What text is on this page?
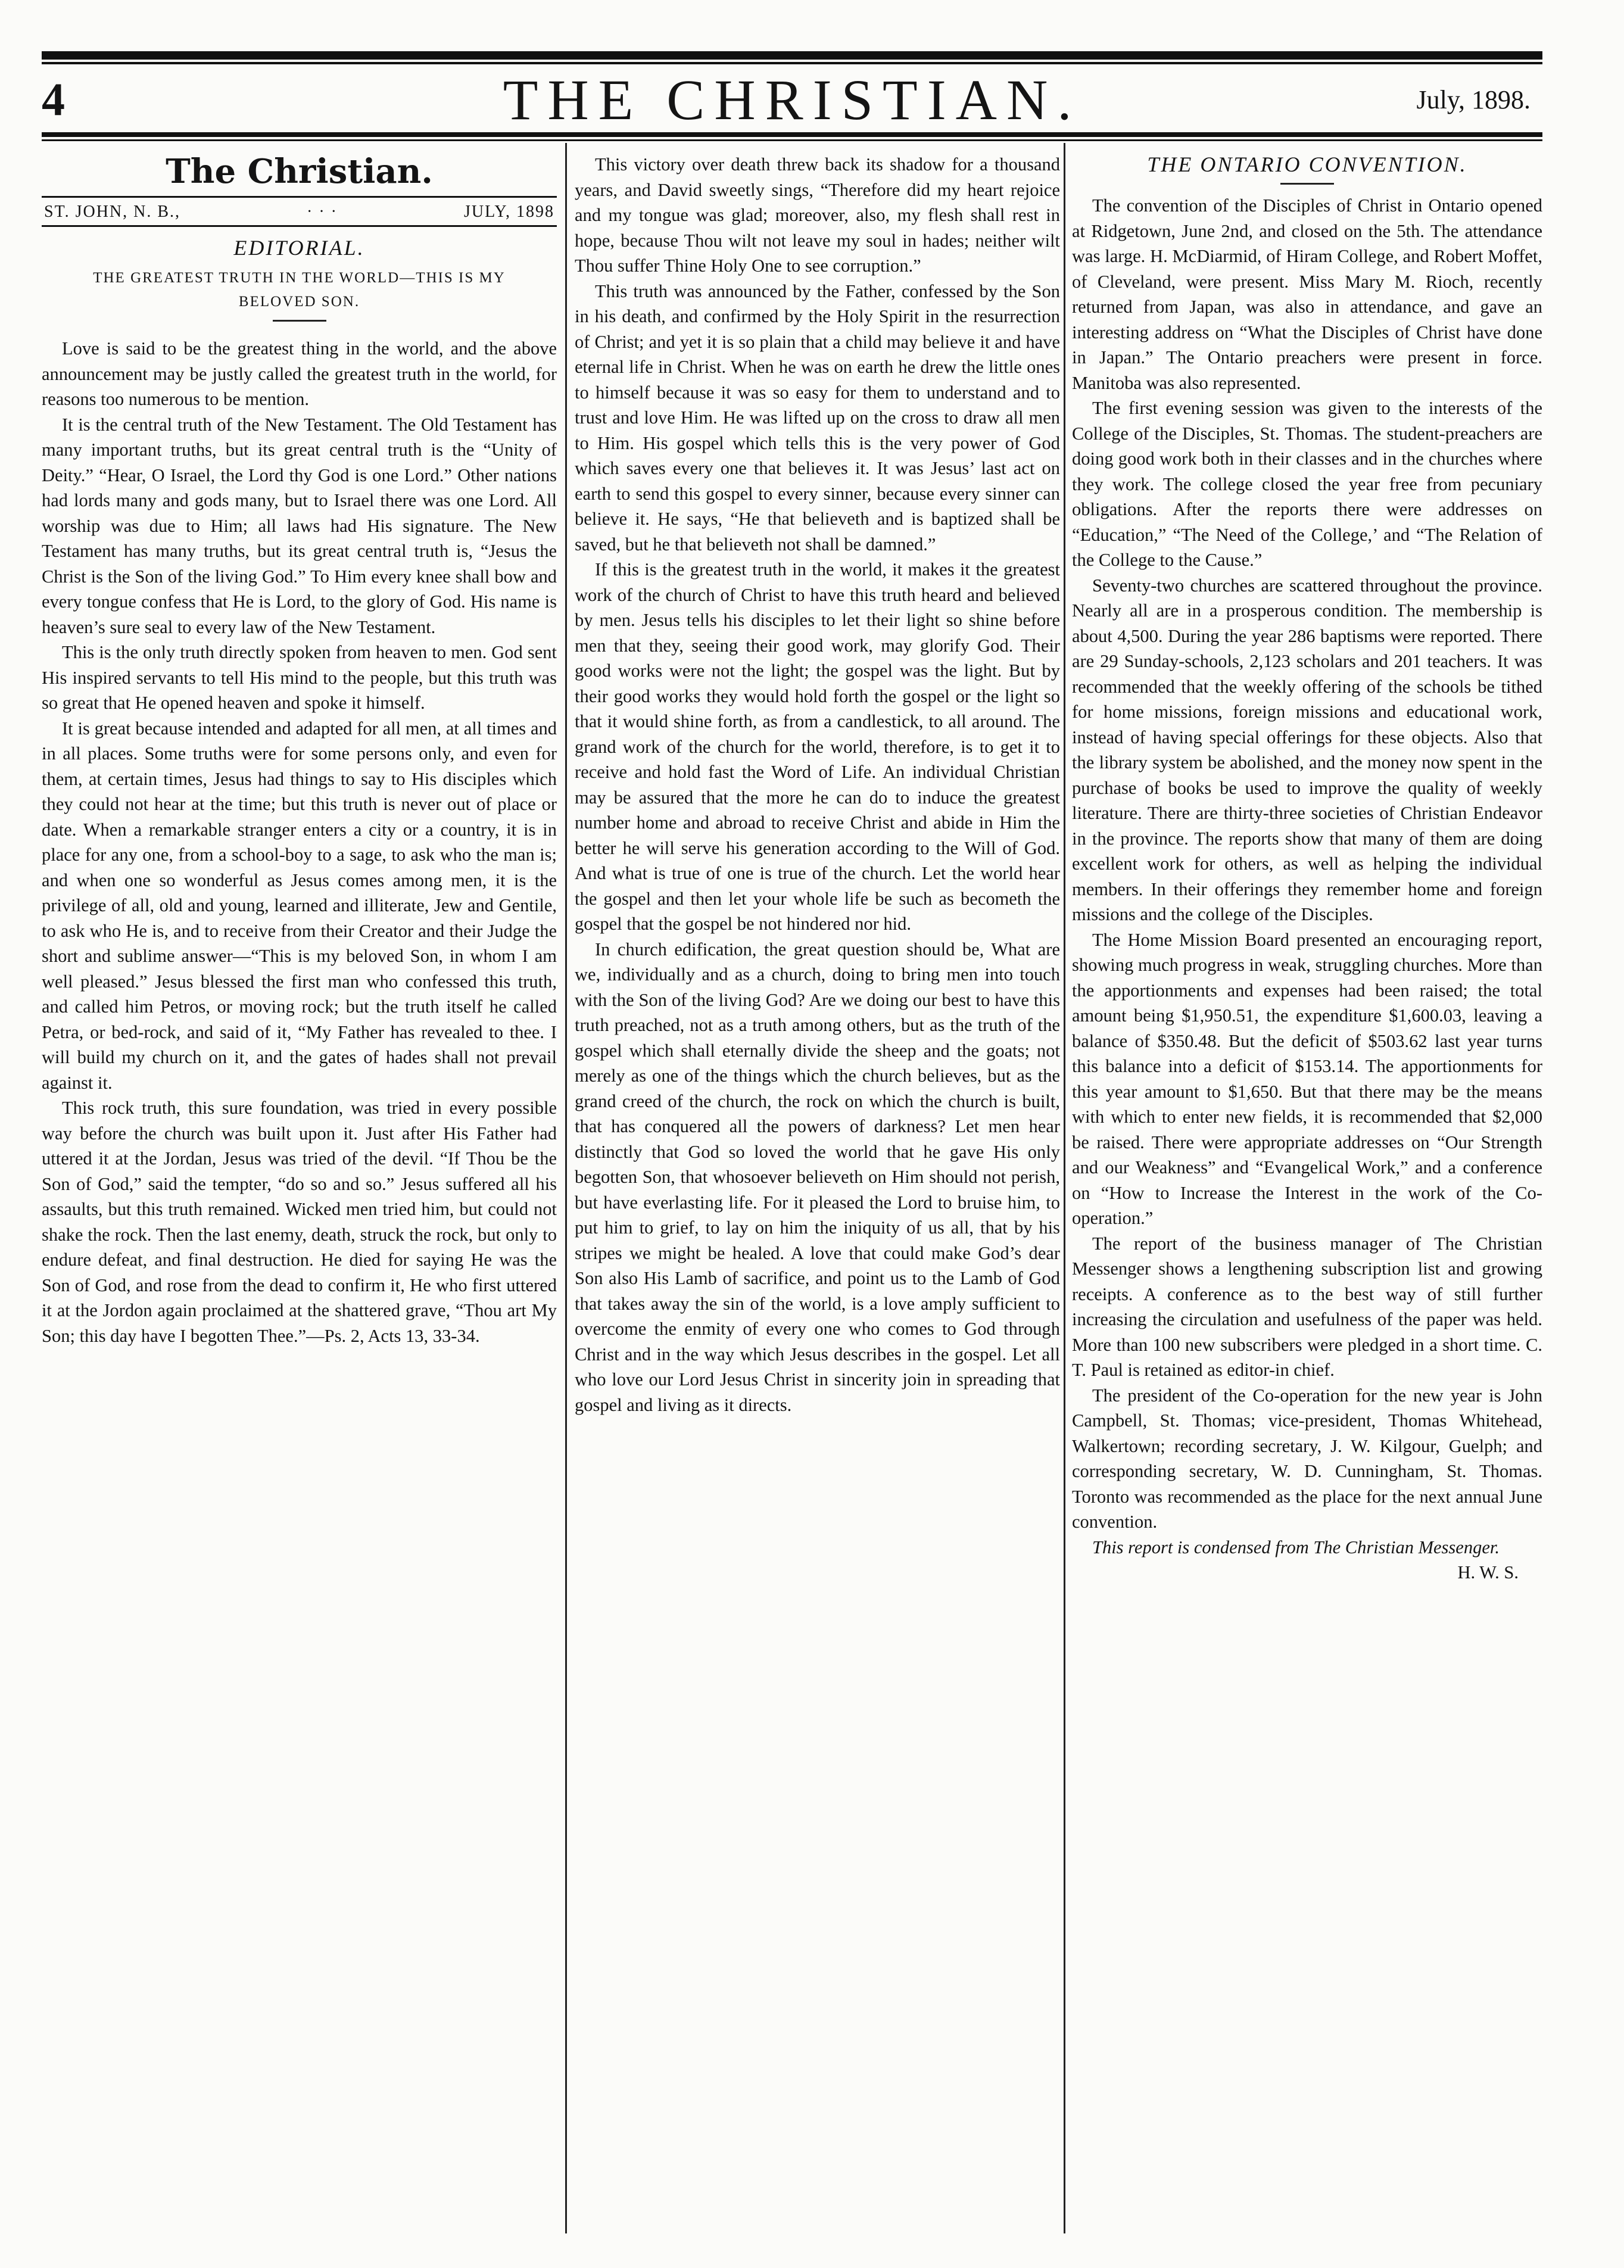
4	THE CHRISTIAN.	July, 1898.
The Christian.
ST. JOHN, N. B.,	· · ·	JULY, 1898
EDITORIAL.
THE GREATEST TRUTH IN THE WORLD—THIS IS MY BELOVED SON.

Love is said to be the greatest thing in the world, and the above announcement may be justly called the greatest truth in the world, for reasons too numerous to be mention.

It is the central truth of the New Testament. The Old Testament has many important truths, but its great central truth is the “Unity of Deity.” “Hear, O Israel, the Lord thy God is one Lord.” Other nations had lords many and gods many, but to Israel there was one Lord. All worship was due to Him; all laws had His signature. The New Testament has many truths, but its great central truth is, “Jesus the Christ is the Son of the living God.” To Him every knee shall bow and every tongue confess that He is Lord, to the glory of God. His name is heaven’s sure seal to every law of the New Testament.

This is the only truth directly spoken from heaven to men. God sent His inspired servants to tell His mind to the people, but this truth was so great that He opened heaven and spoke it himself.

It is great because intended and adapted for all men, at all times and in all places. Some truths were for some persons only, and even for them, at certain times, Jesus had things to say to His disciples which they could not hear at the time; but this truth is never out of place or date. When a remarkable stranger enters a city or a country, it is in place for any one, from a school-boy to a sage, to ask who the man is; and when one so wonderful as Jesus comes among men, it is the privilege of all, old and young, learned and illiterate, Jew and Gentile, to ask who He is, and to receive from their Creator and their Judge the short and sublime answer—“This is my beloved Son, in whom I am well pleased.” Jesus blessed the first man who confessed this truth, and called him Petros, or moving rock; but the truth itself he called Petra, or bed-rock, and said of it, “My Father has revealed to thee. I will build my church on it, and the gates of hades shall not prevail against it.

This rock truth, this sure foundation, was tried in every possible way before the church was built upon it. Just after His Father had uttered it at the Jordan, Jesus was tried of the devil. “If Thou be the Son of God,” said the tempter, “do so and so.” Jesus suffered all his assaults, but this truth remained. Wicked men tried him, but could not shake the rock. Then the last enemy, death, struck the rock, but only to endure defeat, and final destruction. He died for saying He was the Son of God, and rose from the dead to confirm it, He who first uttered it at the Jordon again proclaimed at the shattered grave, “Thou art My Son; this day have I begotten Thee.”—Ps. 2, Acts 13, 33-34.

This victory over death threw back its shadow for a thousand years, and David sweetly sings, “Therefore did my heart rejoice and my tongue was glad; moreover, also, my flesh shall rest in hope, because Thou wilt not leave my soul in hades; neither wilt Thou suffer Thine Holy One to see corruption.”

This truth was announced by the Father, confessed by the Son in his death, and confirmed by the Holy Spirit in the resurrection of Christ; and yet it is so plain that a child may believe it and have eternal life in Christ. When he was on earth he drew the little ones to himself because it was so easy for them to understand and to trust and love Him. He was lifted up on the cross to draw all men to Him. His gospel which tells this is the very power of God which saves every one that believes it. It was Jesus’ last act on earth to send this gospel to every sinner, because every sinner can believe it. He says, “He that believeth and is baptized shall be saved, but he that believeth not shall be damned.”

If this is the greatest truth in the world, it makes it the greatest work of the church of Christ to have this truth heard and believed by men. Jesus tells his disciples to let their light so shine before men that they, seeing their good work, may glorify God. Their good works were not the light; the gospel was the light. But by their good works they would hold forth the gospel or the light so that it would shine forth, as from a candlestick, to all around. The grand work of the church for the world, therefore, is to get it to receive and hold fast the Word of Life. An individual Christian may be assured that the more he can do to induce the greatest number home and abroad to receive Christ and abide in Him the better he will serve his generation according to the Will of God. And what is true of one is true of the church. Let the world hear the gospel and then let your whole life be such as becometh the gospel that the gospel be not hindered nor hid.

In church edification, the great question should be, What are we, individually and as a church, doing to bring men into touch with the Son of the living God? Are we doing our best to have this truth preached, not as a truth among others, but as the truth of the gospel which shall eternally divide the sheep and the goats; not merely as one of the things which the church believes, but as the grand creed of the church, the rock on which the church is built, that has conquered all the powers of darkness? Let men hear distinctly that God so loved the world that he gave His only begotten Son, that whosoever believeth on Him should not perish, but have everlasting life. For it pleased the Lord to bruise him, to put him to grief, to lay on him the iniquity of us all, that by his stripes we might be healed. A love that could make God’s dear Son also His Lamb of sacrifice, and point us to the Lamb of God that takes away the sin of the world, is a love amply sufficient to overcome the enmity of every one who comes to God through Christ and in the way which Jesus describes in the gospel. Let all who love our Lord Jesus Christ in sincerity join in spreading that gospel and living as it directs.

THE ONTARIO CONVENTION.

The convention of the Disciples of Christ in Ontario opened at Ridgetown, June 2nd, and closed on the 5th. The attendance was large. H. McDiarmid, of Hiram College, and Robert Moffet, of Cleveland, were present. Miss Mary M. Rioch, recently returned from Japan, was also in attendance, and gave an interesting address on “What the Disciples of Christ have done in Japan.” The Ontario preachers were present in force. Manitoba was also represented.

The first evening session was given to the interests of the College of the Disciples, St. Thomas. The student-preachers are doing good work both in their classes and in the churches where they work. The college closed the year free from pecuniary obligations. After the reports there were addresses on “Education,” “The Need of the College,’ and “The Relation of the College to the Cause.”

Seventy-two churches are scattered throughout the province. Nearly all are in a prosperous condition. The membership is about 4,500. During the year 286 baptisms were reported. There are 29 Sunday-schools, 2,123 scholars and 201 teachers. It was recommended that the weekly offering of the schools be tithed for home missions, foreign missions and educational work, instead of having special offerings for these objects. Also that the library system be abolished, and the money now spent in the purchase of books be used to improve the quality of weekly literature. There are thirty-three societies of Christian Endeavor in the province. The reports show that many of them are doing excellent work for others, as well as helping the individual members. In their offerings they remember home and foreign missions and the college of the Disciples.

The Home Mission Board presented an encouraging report, showing much progress in weak, struggling churches. More than the apportionments and expenses had been raised; the total amount being $1,950.51, the expenditure $1,600.03, leaving a balance of $350.48. But the deficit of $503.62 last year turns this balance into a deficit of $153.14. The apportionments for this year amount to $1,650. But that there may be the means with which to enter new fields, it is recommended that $2,000 be raised. There were appropriate addresses on “Our Strength and our Weakness” and “Evangelical Work,” and a conference on “How to Increase the Interest in the work of the Co-operation.”

The report of the business manager of The Christian Messenger shows a lengthening subscription list and growing receipts. A conference as to the best way of still further increasing the circulation and usefulness of the paper was held. More than 100 new subscribers were pledged in a short time. C. T. Paul is retained as editor-in chief.

The president of the Co-operation for the new year is John Campbell, St. Thomas; vice-president, Thomas Whitehead, Walkertown; recording secretary, J. W. Kilgour, Guelph; and corresponding secretary, W. D. Cunningham, St. Thomas. Toronto was recommended as the place for the next annual June convention.

This report is condensed from The Christian Messenger.

H. W. S.
